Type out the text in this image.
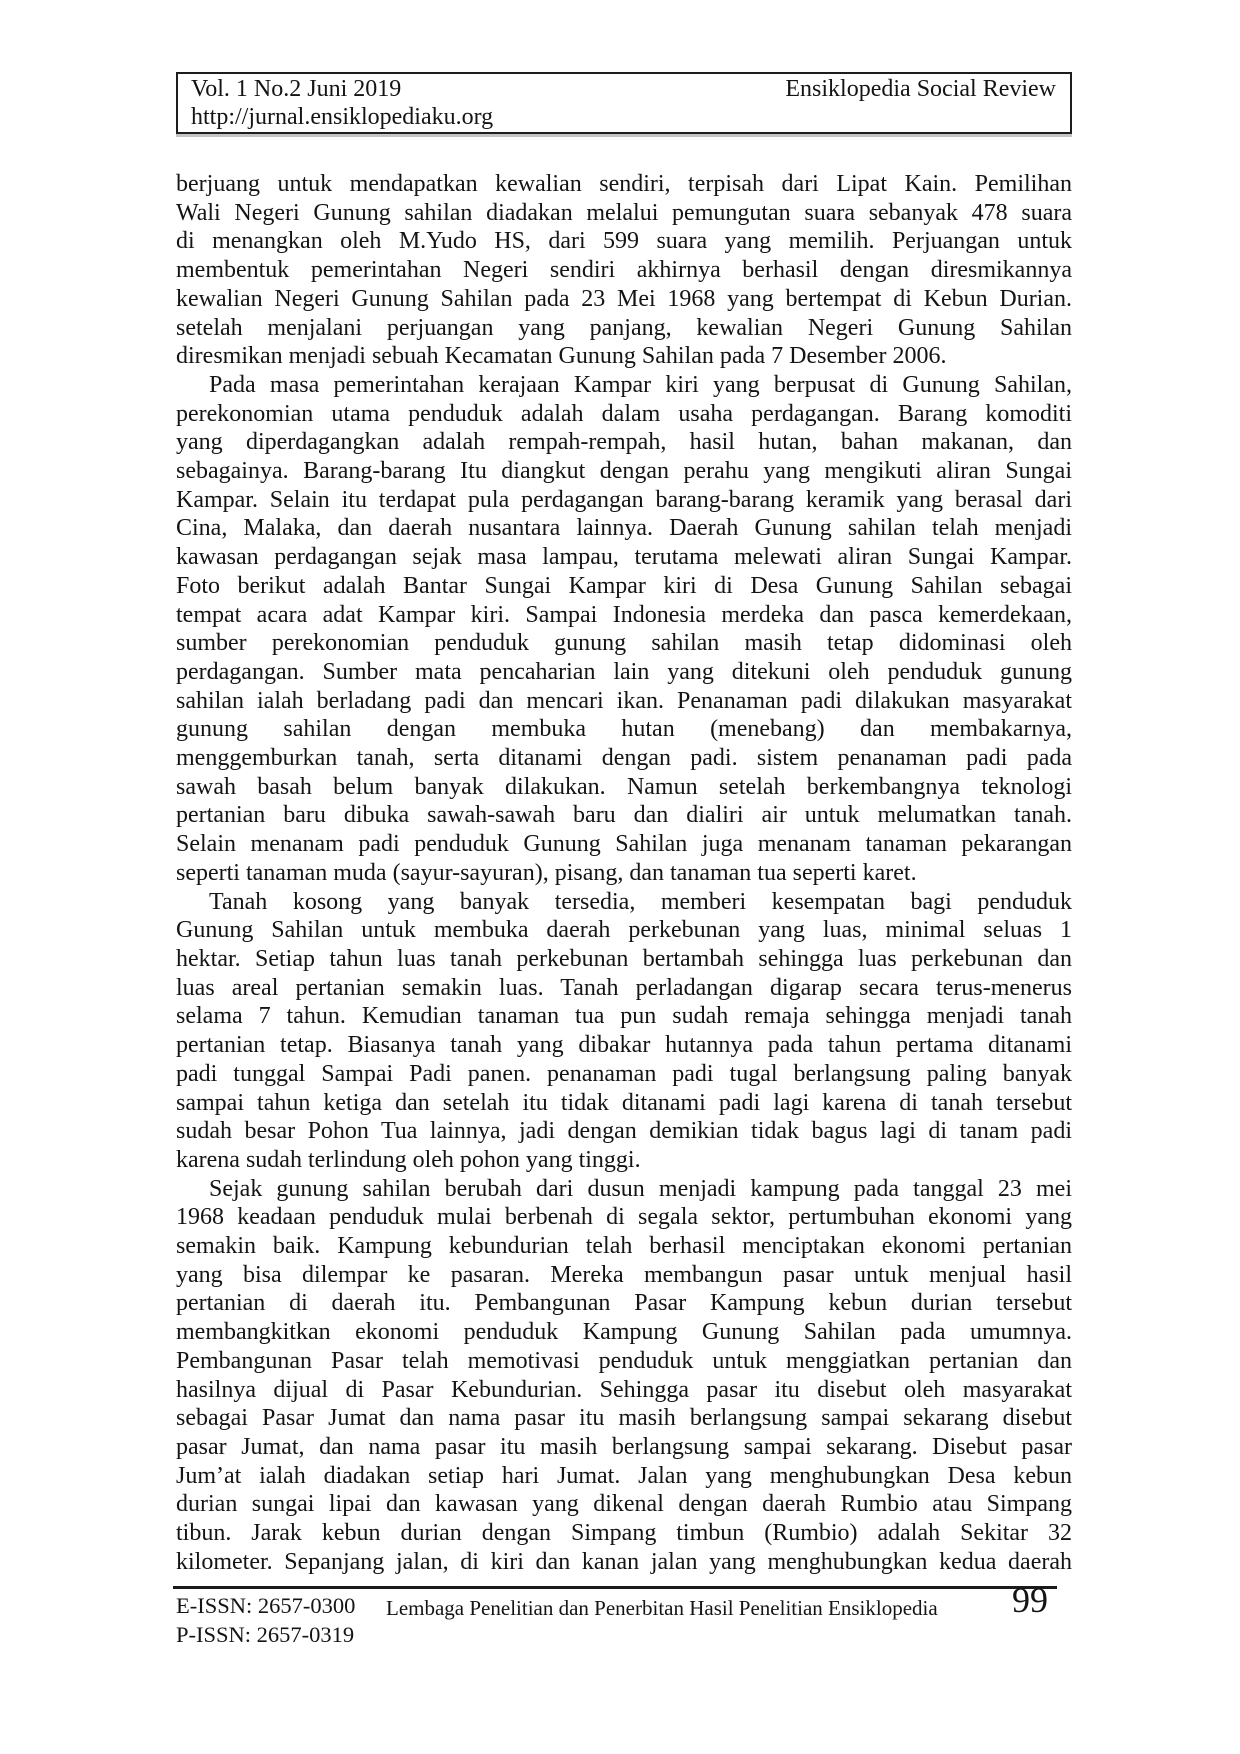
Vol. 1 No.2 Juni 2019	Ensiklopedia Social Review
http://jurnal.ensiklopediaku.org
berjuang untuk mendapatkan kewalian sendiri, terpisah dari Lipat Kain. Pemilihan
Wali Negeri Gunung sahilan diadakan melalui pemungutan suara sebanyak 478 suara
di menangkan oleh M.Yudo HS, dari 599 suara yang memilih. Perjuangan untuk
membentuk pemerintahan Negeri sendiri akhirnya berhasil dengan diresmikannya
kewalian Negeri Gunung Sahilan pada 23 Mei 1968 yang bertempat di Kebun Durian.
setelah menjalani perjuangan yang panjang, kewalian Negeri Gunung Sahilan
diresmikan menjadi sebuah Kecamatan Gunung Sahilan pada 7 Desember 2006.
Pada masa pemerintahan kerajaan Kampar kiri yang berpusat di Gunung Sahilan,
perekonomian utama penduduk adalah dalam usaha perdagangan. Barang komoditi
yang diperdagangkan adalah rempah-rempah, hasil hutan, bahan makanan, dan
sebagainya. Barang-barang Itu diangkut dengan perahu yang mengikuti aliran Sungai
Kampar. Selain itu terdapat pula perdagangan barang-barang keramik yang berasal dari
Cina, Malaka, dan daerah nusantara lainnya. Daerah Gunung sahilan telah menjadi
kawasan perdagangan sejak masa lampau, terutama melewati aliran Sungai Kampar.
Foto berikut adalah Bantar Sungai Kampar kiri di Desa Gunung Sahilan sebagai
tempat acara adat Kampar kiri. Sampai Indonesia merdeka dan pasca kemerdekaan,
sumber perekonomian penduduk gunung sahilan masih tetap didominasi oleh
perdagangan. Sumber mata pencaharian lain yang ditekuni oleh penduduk gunung
sahilan ialah berladang padi dan mencari ikan. Penanaman padi dilakukan masyarakat
gunung sahilan dengan membuka hutan (menebang) dan membakarnya,
menggemburkan tanah, serta ditanami dengan padi. sistem penanaman padi pada
sawah basah belum banyak dilakukan. Namun setelah berkembangnya teknologi
pertanian baru dibuka sawah-sawah baru dan dialiri air untuk melumatkan tanah.
Selain menanam padi penduduk Gunung Sahilan juga menanam tanaman pekarangan
seperti tanaman muda (sayur-sayuran), pisang, dan tanaman tua seperti karet.
Tanah kosong yang banyak tersedia, memberi kesempatan bagi penduduk
Gunung Sahilan untuk membuka daerah perkebunan yang luas, minimal seluas 1
hektar. Setiap tahun luas tanah perkebunan bertambah sehingga luas perkebunan dan
luas areal pertanian semakin luas. Tanah perladangan digarap secara terus-menerus
selama 7 tahun. Kemudian tanaman tua pun sudah remaja sehingga menjadi tanah
pertanian tetap. Biasanya tanah yang dibakar hutannya pada tahun pertama ditanami
padi tunggal Sampai Padi panen. penanaman padi tugal berlangsung paling banyak
sampai tahun ketiga dan setelah itu tidak ditanami padi lagi karena di tanah tersebut
sudah besar Pohon Tua lainnya, jadi dengan demikian tidak bagus lagi di tanam padi
karena sudah terlindung oleh pohon yang tinggi.
Sejak gunung sahilan berubah dari dusun menjadi kampung pada tanggal 23 mei
1968 keadaan penduduk mulai berbenah di segala sektor, pertumbuhan ekonomi yang
semakin baik. Kampung kebundurian telah berhasil menciptakan ekonomi pertanian
yang bisa dilempar ke pasaran. Mereka membangun pasar untuk menjual hasil
pertanian di daerah itu. Pembangunan Pasar Kampung kebun durian tersebut
membangkitkan ekonomi penduduk Kampung Gunung Sahilan pada umumnya.
Pembangunan Pasar telah memotivasi penduduk untuk menggiatkan pertanian dan
hasilnya dijual di Pasar Kebundurian. Sehingga pasar itu disebut oleh masyarakat
sebagai Pasar Jumat dan nama pasar itu masih berlangsung sampai sekarang disebut
pasar Jumat, dan nama pasar itu masih berlangsung sampai sekarang. Disebut pasar
Jum’at ialah diadakan setiap hari Jumat. Jalan yang menghubungkan Desa kebun
durian sungai lipai dan kawasan yang dikenal dengan daerah Rumbio atau Simpang
tibun. Jarak kebun durian dengan Simpang timbun (Rumbio) adalah Sekitar 32
kilometer. Sepanjang jalan, di kiri dan kanan jalan yang menghubungkan kedua daerah
E-ISSN: 2657-0300 Lembaga Penelitian dan Penerbitan Hasil Penelitian Ensiklopedia 99
P-ISSN: 2657-0319
